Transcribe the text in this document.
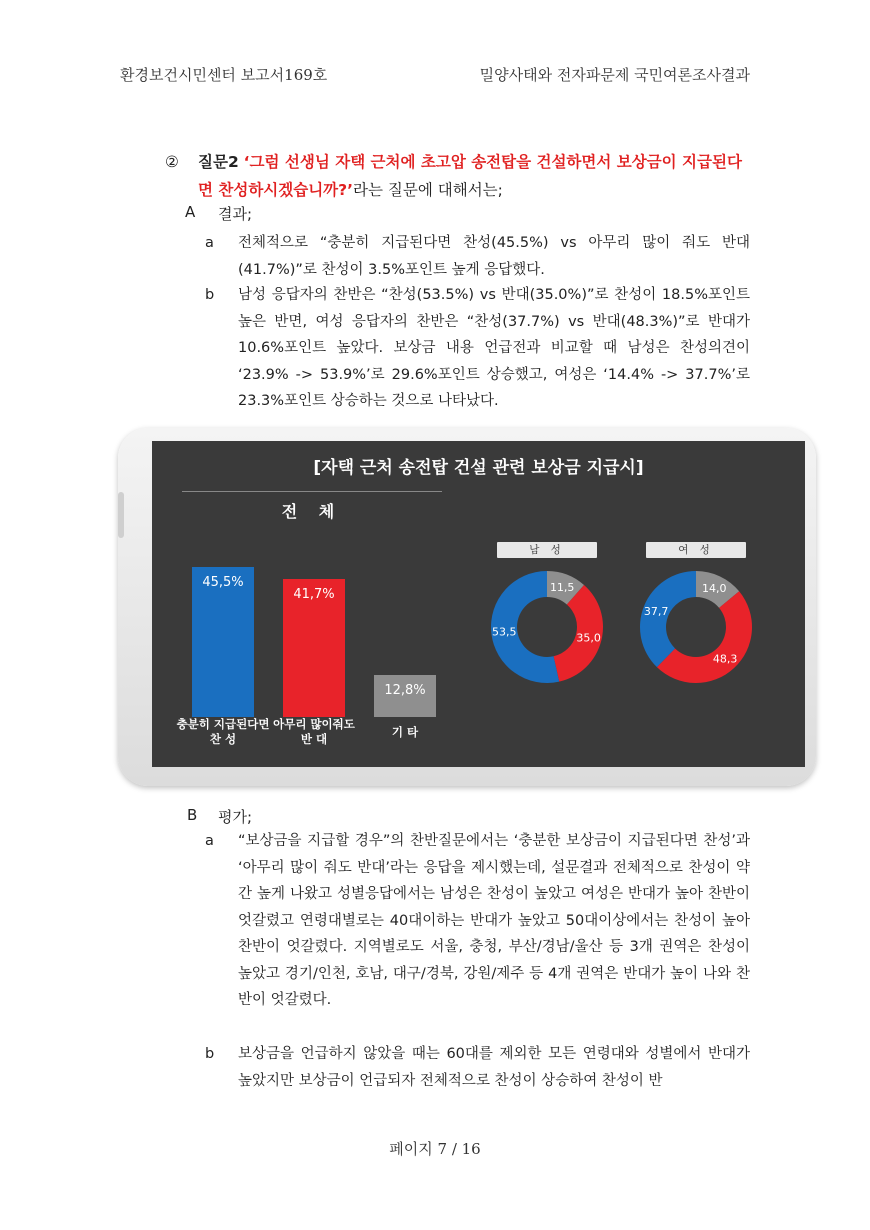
환경보건시민센터 보고서169호	밀양사태와 전자파문제 국민여론조사결과
② 질문2 ‘그럼 선생님 자택 근처에 초고압 송전탑을 건설하면서 보상금이 지급된다면 찬성하시겠습니까?’라는 질문에 대해서는;
A 결과;
a 전체적으로 “충분히 지급된다면 찬성(45.5%) vs 아무리 많이 줘도 반대(41.7%)”로 찬성이 3.5%포인트 높게 응답했다.
b 남성 응답자의 찬반은 “찬성(53.5%) vs 반대(35.0%)”로 찬성이 18.5%포인트 높은 반면, 여성 응답자의 찬반은 “찬성(37.7%) vs 반대(48.3%)”로 반대가 10.6%포인트 높았다. 보상금 내용 언급전과 비교할 때 남성은 찬성의견이 ‘23.9% -> 53.9%’로 29.6%포인트 상승했고, 여성은 ‘14.4% -> 37.7%’로 23.3%포인트 상승하는 것으로 나타났다.
[자택 근처 송전탑 건설 관련 보상금 지급시]
전 체
45,5%
충분히 지급된다면
찬 성
41,7%
아무리 많이줘도
반 대
12,8%
기 타
남 성
11,5
35,0
53,5
여 성
14,0
48,3
37,7
B 평가;
a “보상금을 지급할 경우”의 찬반질문에서는 ‘충분한 보상금이 지급된다면 찬성’과 ‘아무리 많이 줘도 반대’라는 응답을 제시했는데, 설문결과 전체적으로 찬성이 약간 높게 나왔고 성별응답에서는 남성은 찬성이 높았고 여성은 반대가 높아 찬반이 엇갈렸고 연령대별로는 40대이하는 반대가 높았고 50대이상에서는 찬성이 높아 찬반이 엇갈렸다. 지역별로도 서울, 충청, 부산/경남/울산 등 3개 권역은 찬성이 높았고 경기/인천, 호남, 대구/경북, 강원/제주 등 4개 권역은 반대가 높이 나와 찬반이 엇갈렸다.
b 보상금을 언급하지 않았을 때는 60대를 제외한 모든 연령대와 성별에서 반대가 높았지만 보상금이 언급되자 전체적으로 찬성이 상승하여 찬성이 반
페이지 7 / 16
